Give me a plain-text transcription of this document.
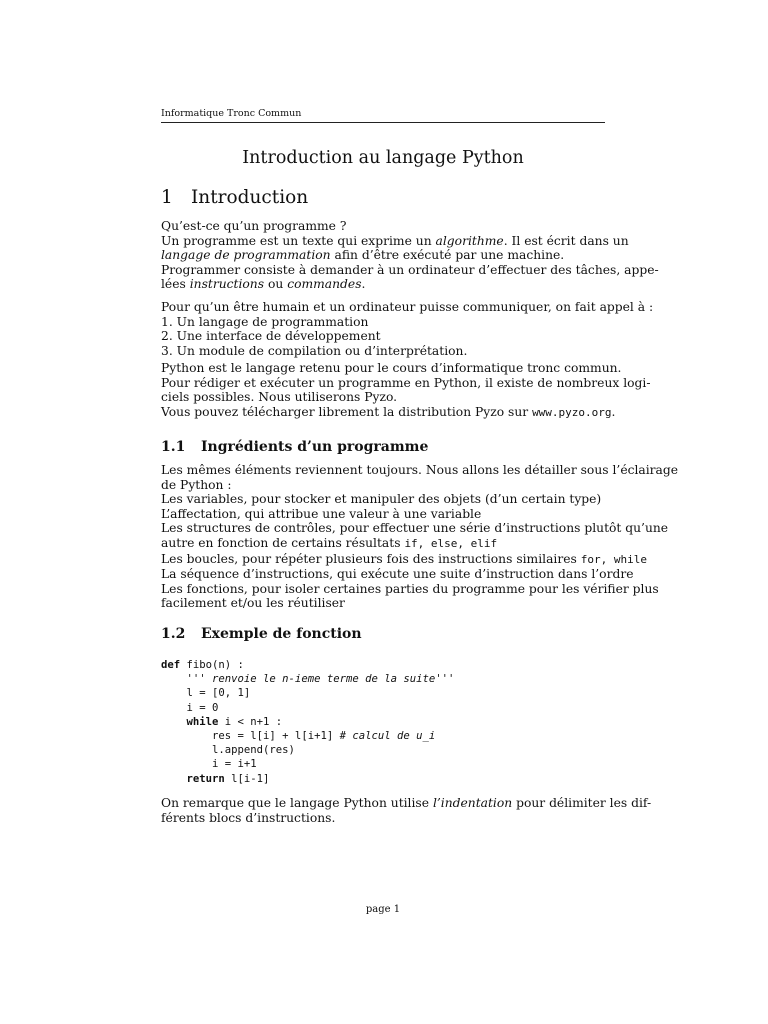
Informatique Tronc Commun
Introduction au langage Python
1 Introduction
Qu’est-ce qu’un programme ?
Un programme est un texte qui exprime un algorithme. Il est écrit dans un
langage de programmation afin d’être exécuté par une machine.
Programmer consiste à demander à un ordinateur d’effectuer des tâches, appe-
lées instructions ou commandes.
Pour qu’un être humain et un ordinateur puisse communiquer, on fait appel à :
1. Un langage de programmation
2. Une interface de développement
3. Un module de compilation ou d’interprétation.
Python est le langage retenu pour le cours d’informatique tronc commun.
Pour rédiger et exécuter un programme en Python, il existe de nombreux logi-
ciels possibles. Nous utiliserons Pyzo.
Vous pouvez télécharger librement la distribution Pyzo sur www.pyzo.org.
1.1 Ingrédients d’un programme
Les mêmes éléments reviennent toujours. Nous allons les détailler sous l’éclairage
de Python :
Les variables, pour stocker et manipuler des objets (d’un certain type)
L’affectation, qui attribue une valeur à une variable
Les structures de contrôles, pour effectuer une série d’instructions plutôt qu’une
autre en fonction de certains résultats if, else, elif
Les boucles, pour répéter plusieurs fois des instructions similaires for, while
La séquence d’instructions, qui exécute une suite d’instruction dans l’ordre
Les fonctions, pour isoler certaines parties du programme pour les vérifier plus
facilement et/ou les réutiliser
1.2 Exemple de fonction
def fibo(n) :
''' renvoie le n-ieme terme de la suite'''
l = [0, 1]
i = 0
while i < n+1 :
res = l[i] + l[i+1] # calcul de u_i
l.append(res)
i = i+1
return l[i-1]
On remarque que le langage Python utilise l’indentation pour délimiter les dif-
férents blocs d’instructions.
page 1
